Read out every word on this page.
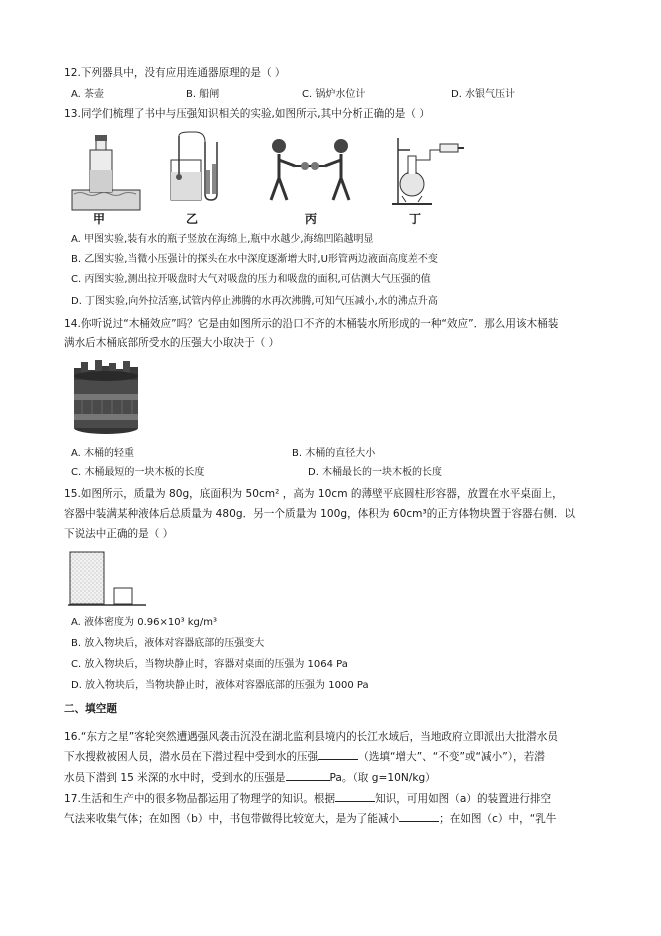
12.下列器具中，没有应用连通器原理的是（ ）
A. 茶壶	B. 船闸	C. 锅炉水位计	D. 水银气压计
13.同学们梳理了书中与压强知识相关的实验,如图所示,其中分析正确的是（ ）
甲	乙	丙	丁
A. 甲图实验,装有水的瓶子竖放在海绵上,瓶中水越少,海绵凹陷越明显
B. 乙图实验,当微小压强计的探头在水中深度逐渐增大时,U形管两边液面高度差不变
C. 丙图实验,测出拉开吸盘时大气对吸盘的压力和吸盘的面积,可估测大气压强的值
D. 丁图实验,向外拉活塞,试管内停止沸腾的水再次沸腾,可知气压减小,水的沸点升高
14.你听说过“木桶效应”吗？它是由如图所示的沿口不齐的木桶装水所形成的一种“效应”．那么用该木桶装
满水后木桶底部所受水的压强大小取决于（ ）
A. 木桶的轻重	B. 木桶的直径大小
C. 木桶最短的一块木板的长度	D. 木桶最长的一块木板的长度
15.如图所示，质量为 80g，底面积为 50cm² ，高为 10cm 的薄壁平底圆柱形容器，放置在水平桌面上，
容器中装满某种液体后总质量为 480g．另一个质量为 100g，体积为 60cm³的正方体物块置于容器右侧．以
下说法中正确的是（ ）
A. 液体密度为 0.96×10³ kg/m³
B. 放入物块后，液体对容器底部的压强变大
C. 放入物块后，当物块静止时，容器对桌面的压强为 1064 Pa
D. 放入物块后，当物块静止时，液体对容器底部的压强为 1000 Pa
二、填空题
16.“东方之星”客轮突然遭遇强风袭击沉没在湖北监利县境内的长江水域后，当地政府立即派出大批潜水员
下水搜救被困人员，潜水员在下潜过程中受到水的压强	（选填“增大”、“不变”或“减小”），若潜
水员下潜到 15 米深的水中时，受到水的压强是	Pa。（取 g=10N/kg）
17.生活和生产中的很多物品都运用了物理学的知识。根据	知识，可用如图（a）的装置进行排空
气法来收集气体；在如图（b）中，书包带做得比较宽大，是为了能减小	；在如图（c）中，“乳牛
